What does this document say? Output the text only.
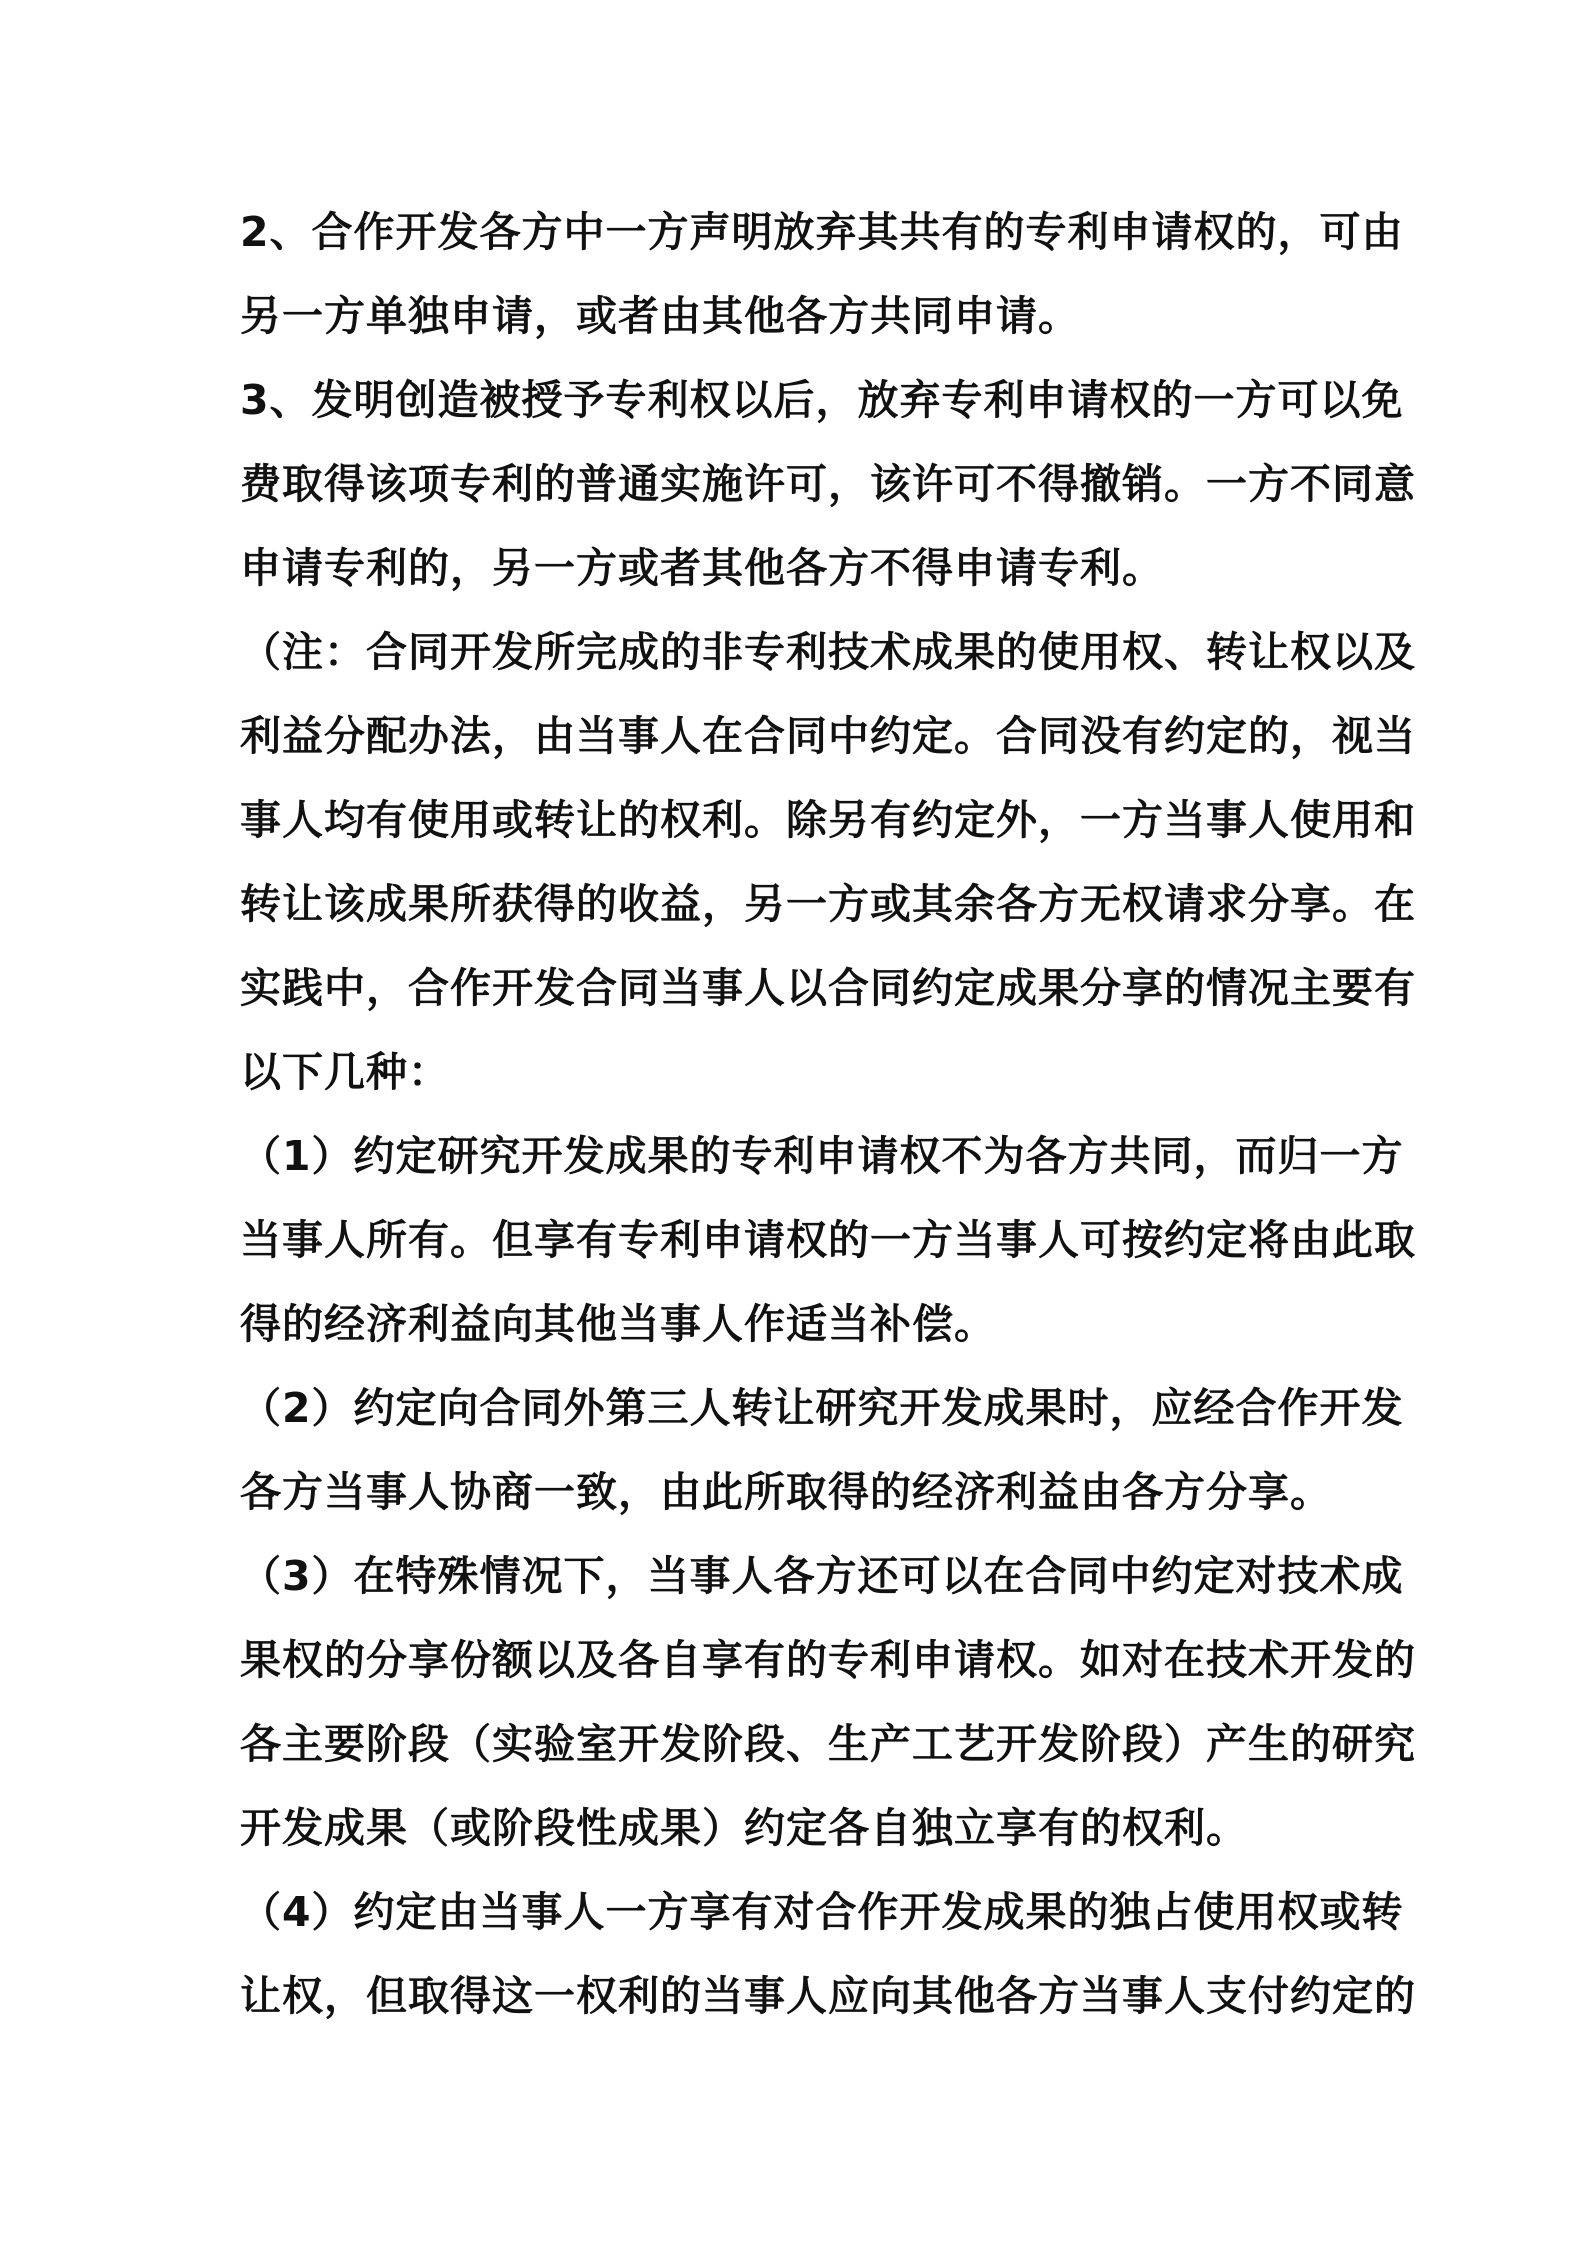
2、合作开发各方中一方声明放弃其共有的专利申请权的，可由
另一方单独申请，或者由其他各方共同申请。
3、发明创造被授予专利权以后，放弃专利申请权的一方可以免
费取得该项专利的普通实施许可，该许可不得撤销。一方不同意
申请专利的，另一方或者其他各方不得申请专利。
（注：合同开发所完成的非专利技术成果的使用权、转让权以及
利益分配办法，由当事人在合同中约定。合同没有约定的，视当
事人均有使用或转让的权利。除另有约定外，一方当事人使用和
转让该成果所获得的收益，另一方或其余各方无权请求分享。在
实践中，合作开发合同当事人以合同约定成果分享的情况主要有
以下几种：
（1）约定研究开发成果的专利申请权不为各方共同，而归一方
当事人所有。但享有专利申请权的一方当事人可按约定将由此取
得的经济利益向其他当事人作适当补偿。
（2）约定向合同外第三人转让研究开发成果时，应经合作开发
各方当事人协商一致，由此所取得的经济利益由各方分享。
（3）在特殊情况下，当事人各方还可以在合同中约定对技术成
果权的分享份额以及各自享有的专利申请权。如对在技术开发的
各主要阶段（实验室开发阶段、生产工艺开发阶段）产生的研究
开发成果（或阶段性成果）约定各自独立享有的权利。
（4）约定由当事人一方享有对合作开发成果的独占使用权或转
让权，但取得这一权利的当事人应向其他各方当事人支付约定的
